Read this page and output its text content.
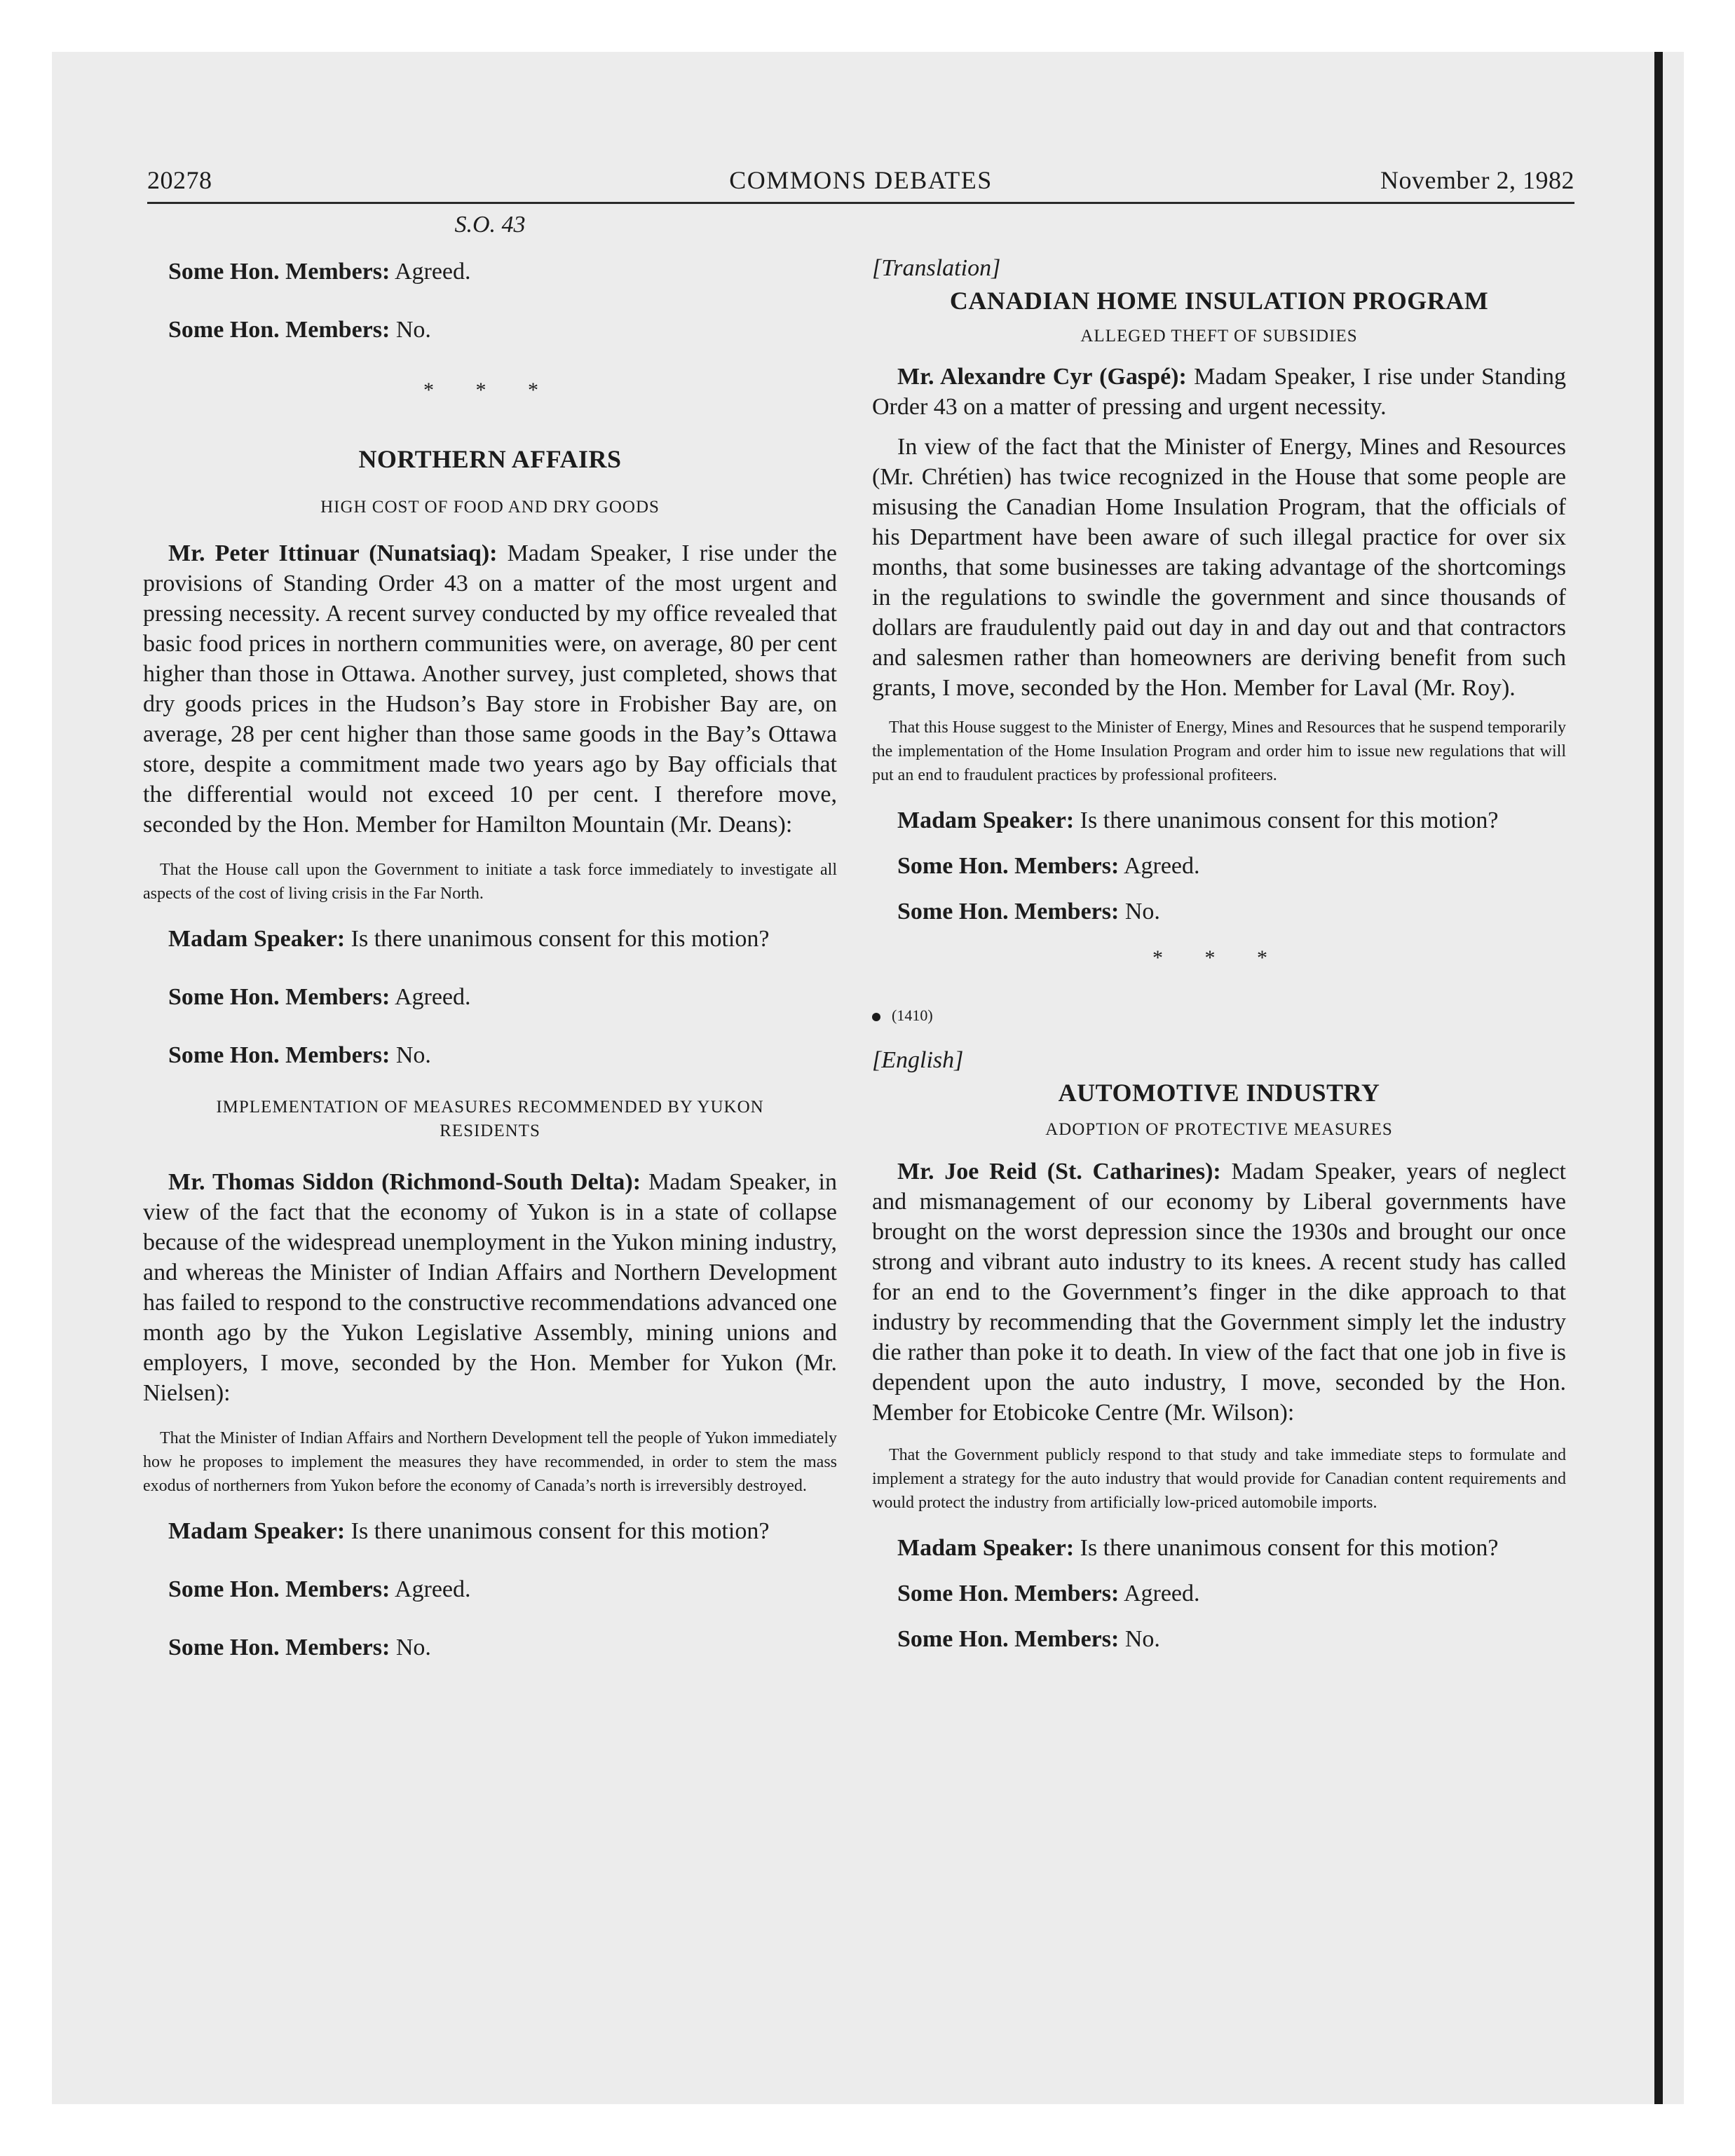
20278	COMMONS DEBATES	November 2, 1982

S.O. 43

Some Hon. Members: Agreed.

Some Hon. Members: No.

* * *

NORTHERN AFFAIRS

HIGH COST OF FOOD AND DRY GOODS

Mr. Peter Ittinuar (Nunatsiaq): Madam Speaker, I rise under the provisions of Standing Order 43 on a matter of the most urgent and pressing necessity. A recent survey conducted by my office revealed that basic food prices in northern communities were, on average, 80 per cent higher than those in Ottawa. Another survey, just completed, shows that dry goods prices in the Hudson’s Bay store in Frobisher Bay are, on average, 28 per cent higher than those same goods in the Bay’s Ottawa store, despite a commitment made two years ago by Bay officials that the differential would not exceed 10 per cent. I therefore move, seconded by the Hon. Member for Hamilton Mountain (Mr. Deans):

That the House call upon the Government to initiate a task force immediately to investigate all aspects of the cost of living crisis in the Far North.

Madam Speaker: Is there unanimous consent for this motion?

Some Hon. Members: Agreed.

Some Hon. Members: No.

IMPLEMENTATION OF MEASURES RECOMMENDED BY YUKON RESIDENTS

Mr. Thomas Siddon (Richmond-South Delta): Madam Speaker, in view of the fact that the economy of Yukon is in a state of collapse because of the widespread unemployment in the Yukon mining industry, and whereas the Minister of Indian Affairs and Northern Development has failed to respond to the constructive recommendations advanced one month ago by the Yukon Legislative Assembly, mining unions and employers, I move, seconded by the Hon. Member for Yukon (Mr. Nielsen):

That the Minister of Indian Affairs and Northern Development tell the people of Yukon immediately how he proposes to implement the measures they have recommended, in order to stem the mass exodus of northerners from Yukon before the economy of Canada’s north is irreversibly destroyed.

Madam Speaker: Is there unanimous consent for this motion?

Some Hon. Members: Agreed.

Some Hon. Members: No.

[Translation]

CANADIAN HOME INSULATION PROGRAM

ALLEGED THEFT OF SUBSIDIES

Mr. Alexandre Cyr (Gaspé): Madam Speaker, I rise under Standing Order 43 on a matter of pressing and urgent necessity.

In view of the fact that the Minister of Energy, Mines and Resources (Mr. Chrétien) has twice recognized in the House that some people are misusing the Canadian Home Insulation Program, that the officials of his Department have been aware of such illegal practice for over six months, that some businesses are taking advantage of the shortcomings in the regulations to swindle the government and since thousands of dollars are fraudulently paid out day in and day out and that contractors and salesmen rather than homeowners are deriving benefit from such grants, I move, seconded by the Hon. Member for Laval (Mr. Roy).

That this House suggest to the Minister of Energy, Mines and Resources that he suspend temporarily the implementation of the Home Insulation Program and order him to issue new regulations that will put an end to fraudulent practices by professional profiteers.

Madam Speaker: Is there unanimous consent for this motion?

Some Hon. Members: Agreed.

Some Hon. Members: No.

* * *

(1410)

[English]

AUTOMOTIVE INDUSTRY

ADOPTION OF PROTECTIVE MEASURES

Mr. Joe Reid (St. Catharines): Madam Speaker, years of neglect and mismanagement of our economy by Liberal governments have brought on the worst depression since the 1930s and brought our once strong and vibrant auto industry to its knees. A recent study has called for an end to the Government’s finger in the dike approach to that industry by recommending that the Government simply let the industry die rather than poke it to death. In view of the fact that one job in five is dependent upon the auto industry, I move, seconded by the Hon. Member for Etobicoke Centre (Mr. Wilson):

That the Government publicly respond to that study and take immediate steps to formulate and implement a strategy for the auto industry that would provide for Canadian content requirements and would protect the industry from artificially low-priced automobile imports.

Madam Speaker: Is there unanimous consent for this motion?

Some Hon. Members: Agreed.

Some Hon. Members: No.
